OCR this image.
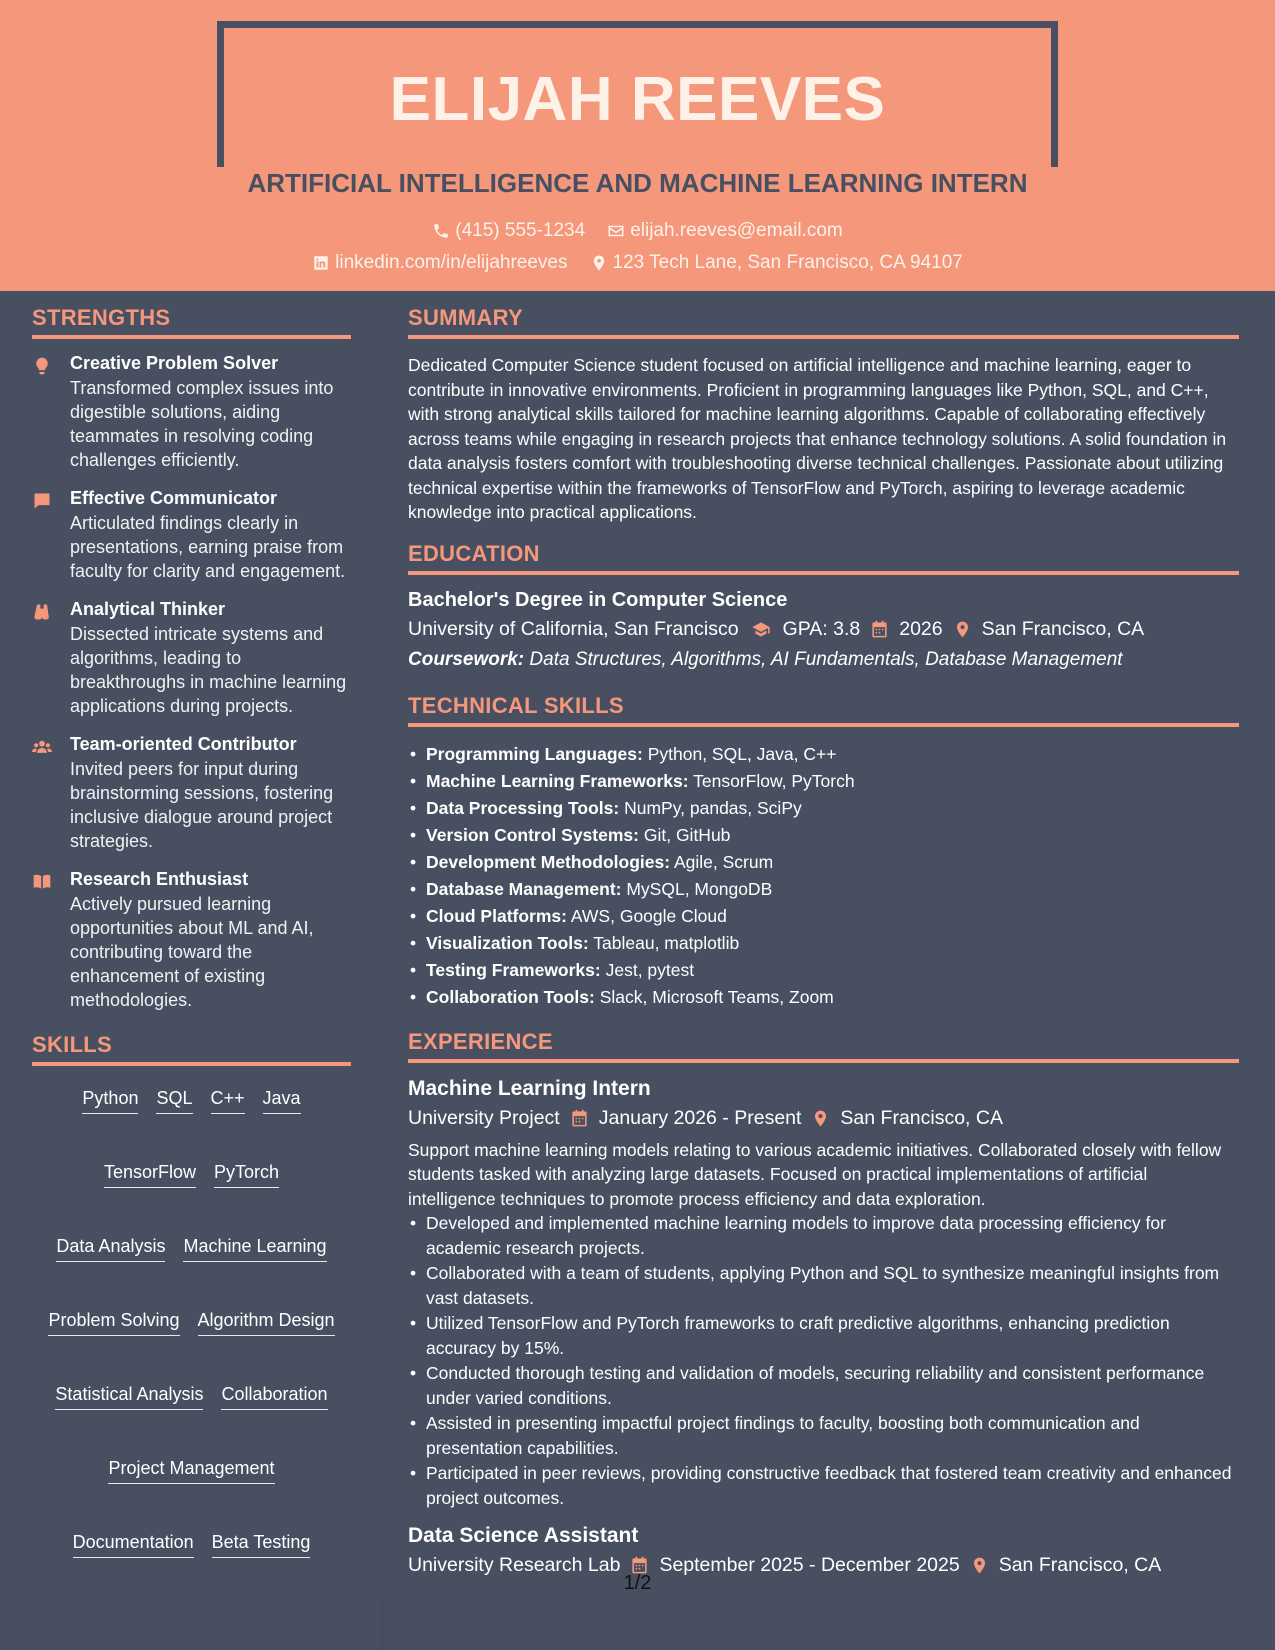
ELIJAH REEVES
ARTIFICIAL INTELLIGENCE AND MACHINE LEARNING INTERN
(415) 555-1234 elijah.reeves@email.com
linkedin.com/in/elijahreeves 123 Tech Lane, San Francisco, CA 94107
STRENGTHS
Creative Problem Solver
Transformed complex issues into digestible solutions, aiding teammates in resolving coding challenges efficiently.
Effective Communicator
Articulated findings clearly in presentations, earning praise from faculty for clarity and engagement.
Analytical Thinker
Dissected intricate systems and algorithms, leading to breakthroughs in machine learning applications during projects.
Team-oriented Contributor
Invited peers for input during brainstorming sessions, fostering inclusive dialogue around project strategies.
Research Enthusiast
Actively pursued learning opportunities about ML and AI, contributing toward the enhancement of existing methodologies.
SKILLS
Python SQL C++ Java
TensorFlow PyTorch
Data Analysis Machine Learning
Problem Solving Algorithm Design
Statistical Analysis Collaboration
Project Management
Documentation Beta Testing
SUMMARY
Dedicated Computer Science student focused on artificial intelligence and machine learning, eager to contribute in innovative environments. Proficient in programming languages like Python, SQL, and C++, with strong analytical skills tailored for machine learning algorithms. Capable of collaborating effectively across teams while engaging in research projects that enhance technology solutions. A solid foundation in data analysis fosters comfort with troubleshooting diverse technical challenges. Passionate about utilizing technical expertise within the frameworks of TensorFlow and PyTorch, aspiring to leverage academic knowledge into practical applications.
EDUCATION
Bachelor's Degree in Computer Science
University of California, San Francisco GPA: 3.8 2026 San Francisco, CA
Coursework: Data Structures, Algorithms, AI Fundamentals, Database Management
TECHNICAL SKILLS
• Programming Languages: Python, SQL, Java, C++
• Machine Learning Frameworks: TensorFlow, PyTorch
• Data Processing Tools: NumPy, pandas, SciPy
• Version Control Systems: Git, GitHub
• Development Methodologies: Agile, Scrum
• Database Management: MySQL, MongoDB
• Cloud Platforms: AWS, Google Cloud
• Visualization Tools: Tableau, matplotlib
• Testing Frameworks: Jest, pytest
• Collaboration Tools: Slack, Microsoft Teams, Zoom
EXPERIENCE
Machine Learning Intern
University Project January 2026 - Present San Francisco, CA
Support machine learning models relating to various academic initiatives. Collaborated closely with fellow students tasked with analyzing large datasets. Focused on practical implementations of artificial intelligence techniques to promote process efficiency and data exploration.
• Developed and implemented machine learning models to improve data processing efficiency for academic research projects.
• Collaborated with a team of students, applying Python and SQL to synthesize meaningful insights from vast datasets.
• Utilized TensorFlow and PyTorch frameworks to craft predictive algorithms, enhancing prediction accuracy by 15%.
• Conducted thorough testing and validation of models, securing reliability and consistent performance under varied conditions.
• Assisted in presenting impactful project findings to faculty, boosting both communication and presentation capabilities.
• Participated in peer reviews, providing constructive feedback that fostered team creativity and enhanced project outcomes.
Data Science Assistant
University Research Lab September 2025 - December 2025 San Francisco, CA
1/2
